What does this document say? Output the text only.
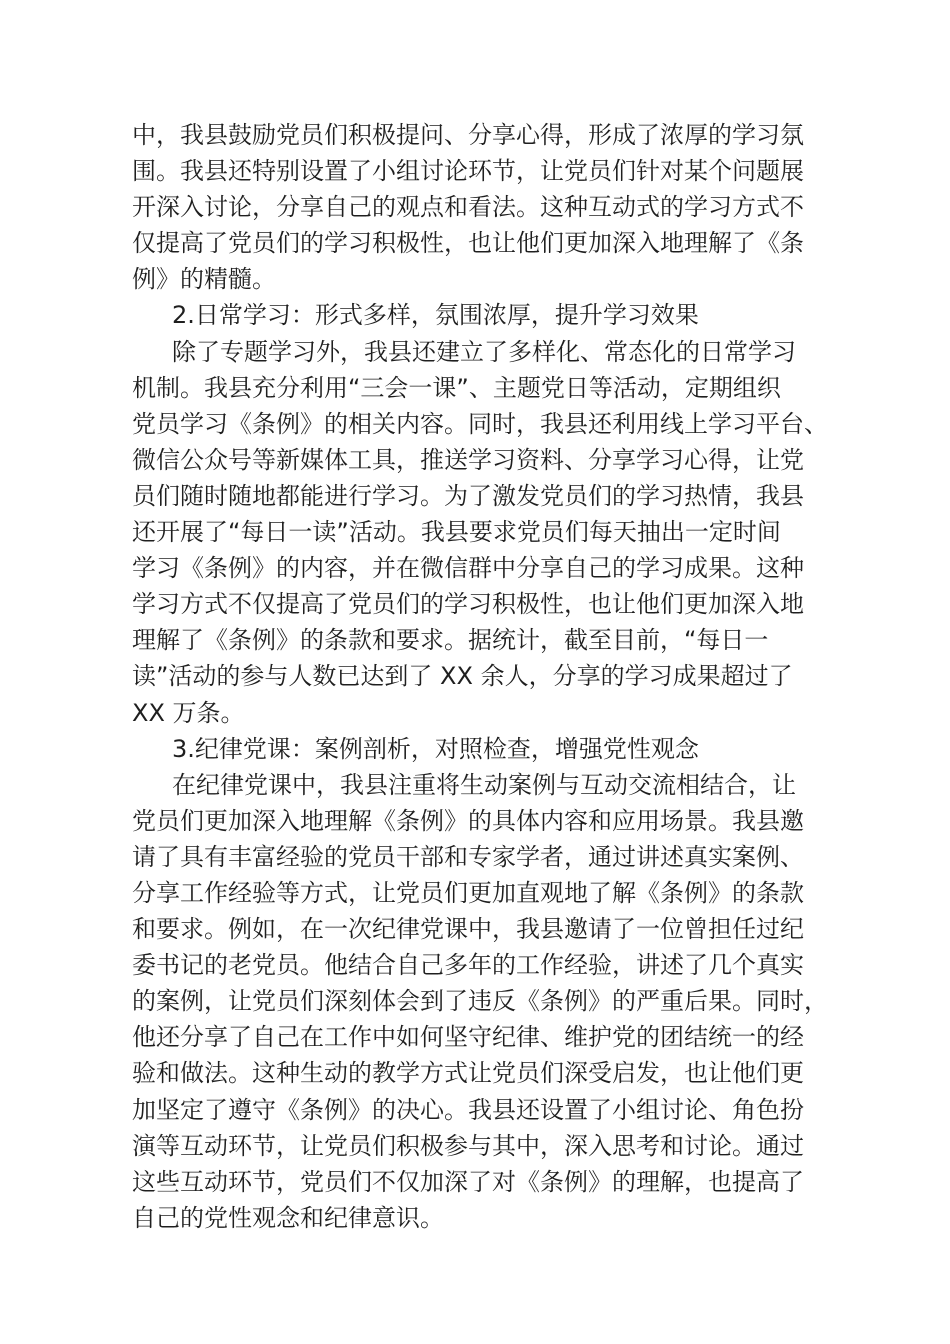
中，我县鼓励党员们积极提问、分享心得，形成了浓厚的学习氛
围。我县还特别设置了小组讨论环节，让党员们针对某个问题展
开深入讨论，分享自己的观点和看法。这种互动式的学习方式不
仅提高了党员们的学习积极性，也让他们更加深入地理解了《条
例》的精髓。
2.日常学习：形式多样，氛围浓厚，提升学习效果
除了专题学习外，我县还建立了多样化、常态化的日常学习
机制。我县充分利用“三会一课”、主题党日等活动，定期组织
党员学习《条例》的相关内容。同时，我县还利用线上学习平台、
微信公众号等新媒体工具，推送学习资料、分享学习心得，让党
员们随时随地都能进行学习。为了激发党员们的学习热情，我县
还开展了“每日一读”活动。我县要求党员们每天抽出一定时间
学习《条例》的内容，并在微信群中分享自己的学习成果。这种
学习方式不仅提高了党员们的学习积极性，也让他们更加深入地
理解了《条例》的条款和要求。据统计，截至目前，“每日一
读”活动的参与人数已达到了 XX 余人，分享的学习成果超过了
XX 万条。
3.纪律党课：案例剖析，对照检查，增强党性观念
在纪律党课中，我县注重将生动案例与互动交流相结合，让
党员们更加深入地理解《条例》的具体内容和应用场景。我县邀
请了具有丰富经验的党员干部和专家学者，通过讲述真实案例、
分享工作经验等方式，让党员们更加直观地了解《条例》的条款
和要求。例如，在一次纪律党课中，我县邀请了一位曾担任过纪
委书记的老党员。他结合自己多年的工作经验，讲述了几个真实
的案例，让党员们深刻体会到了违反《条例》的严重后果。同时，
他还分享了自己在工作中如何坚守纪律、维护党的团结统一的经
验和做法。这种生动的教学方式让党员们深受启发，也让他们更
加坚定了遵守《条例》的决心。我县还设置了小组讨论、角色扮
演等互动环节，让党员们积极参与其中，深入思考和讨论。通过
这些互动环节，党员们不仅加深了对《条例》的理解，也提高了
自己的党性观念和纪律意识。
